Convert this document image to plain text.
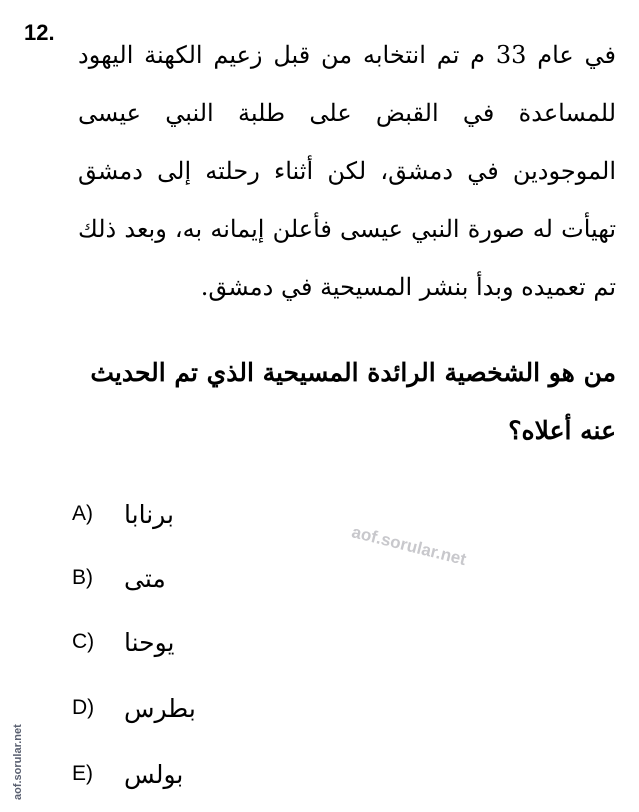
12.
في عام 33 م تم انتخابه من قبل زعيم الكهنة اليهود للمساعدة في القبض على طلبة النبي عيسى الموجودين في دمشق، لكن أثناء رحلته إلى دمشق تهيأت له صورة النبي عيسى فأعلن إيمانه به، وبعد ذلك تم تعميده وبدأ بنشر المسيحية في دمشق.
من هو الشخصية الرائدة المسيحية الذي تم الحديث عنه أعلاه؟
A)	برنابا
B)	متى
C)	يوحنا
D)	بطرس
E)	بولس
aof.sorular.net
aof.sorular.net
